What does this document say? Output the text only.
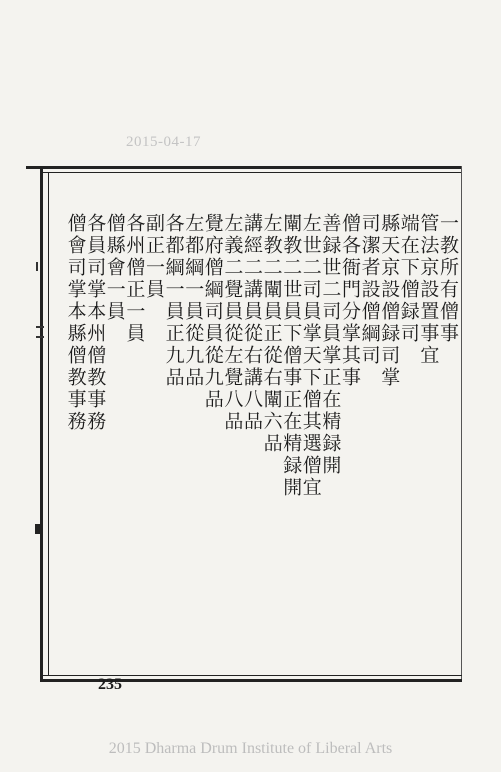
2015-04-17
一教所有僧事
管法京設置事宜
端在下僧録司
縣天京設僧録司掌
司潔者設僧綱司
僧各衙門分掌其事
善録世二司員掌正在精録開
左世二司員掌天下僧其選僧宜
闡教二世員下僧事正在精録開
左教二闡員正從右闡六品
講經二講員從右講八品
左義二覺員從左覺八品
覺府僧綱司員從九品
左都綱一員從九品
各都綱一員正九品
副正一員
各州僧正一員
僧縣會一員
各員司掌本州僧教事務
僧會司掌本縣僧教事務
235
2015 Dharma Drum Institute of Liberal Arts
